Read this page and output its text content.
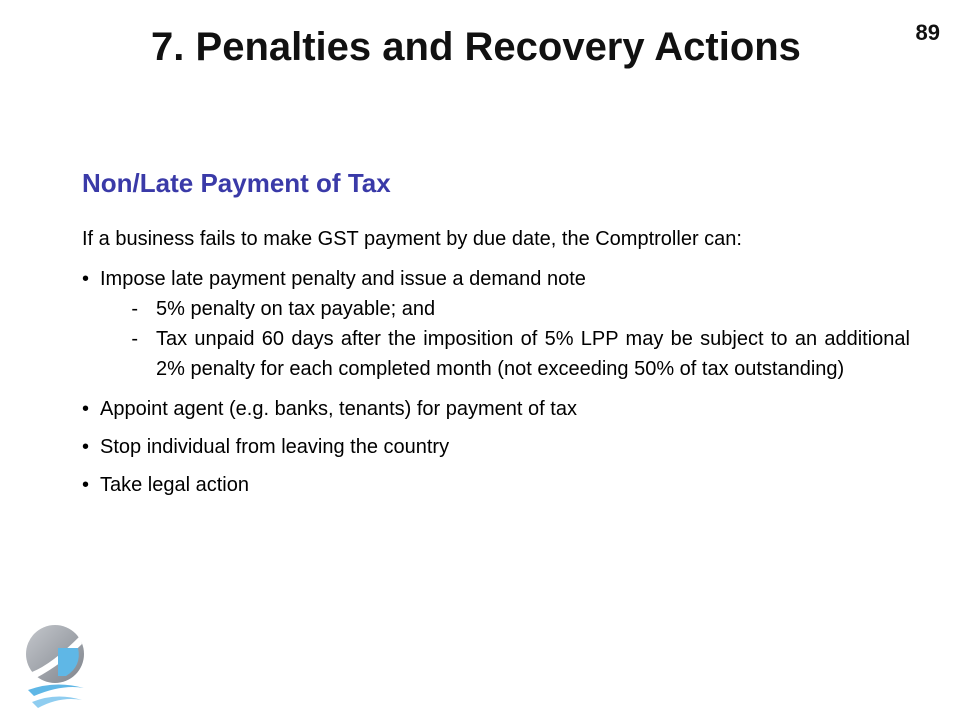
7. Penalties and Recovery Actions	89
Non/Late Payment of Tax

If a business fails to make GST payment by due date, the Comptroller can:

• Impose late payment penalty and issue a demand note
- 5% penalty on tax payable; and
- Tax unpaid 60 days after the imposition of 5% LPP may be subject to an additional 2% penalty for each completed month (not exceeding 50% of tax outstanding)
• Appoint agent (e.g. banks, tenants) for payment of tax
• Stop individual from leaving the country
• Take legal action
